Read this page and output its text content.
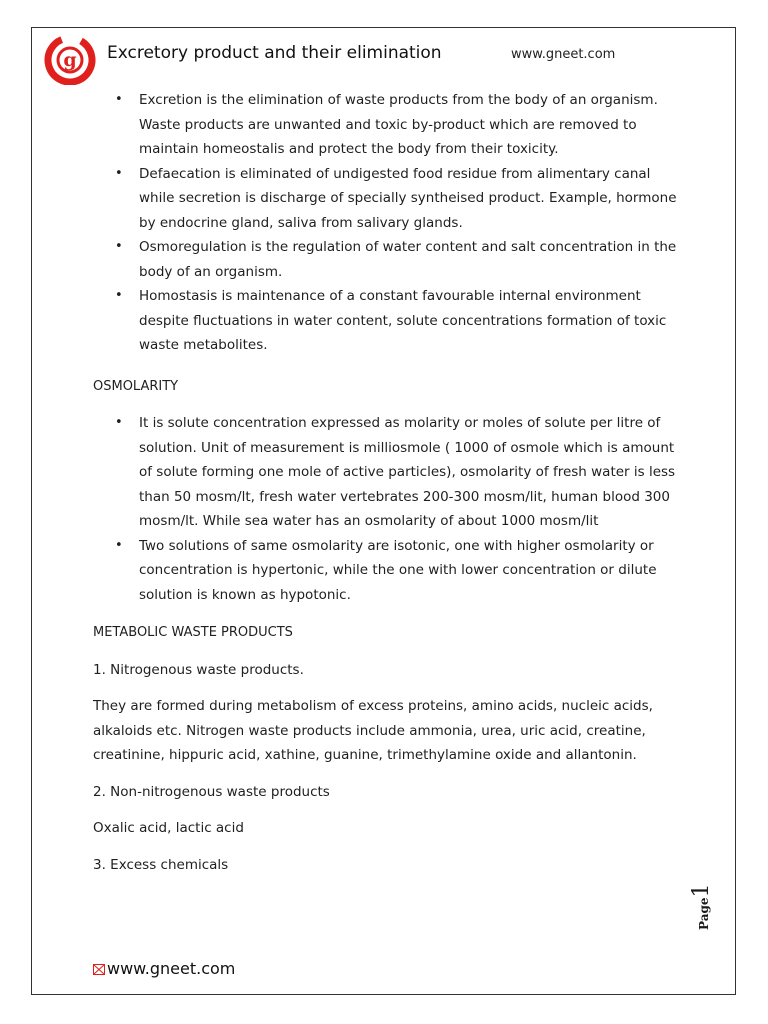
g Excretory product and their elimination	www.gneet.com
• Excretion is the elimination of waste products from the body of an organism. Waste products are unwanted and toxic by-product which are removed to maintain homeostalis and protect the body from their toxicity.
• Defaecation is eliminated of undigested food residue from alimentary canal while secretion is discharge of specially syntheised product. Example, hormone by endocrine gland, saliva from salivary glands.
• Osmoregulation is the regulation of water content and salt concentration in the body of an organism.
• Homostasis is maintenance of a constant favourable internal environment despite fluctuations in water content, solute concentrations formation of toxic waste metabolites.
OSMOLARITY
• It is solute concentration expressed as molarity or moles of solute per litre of solution. Unit of measurement is milliosmole ( 1000 of osmole which is amount of solute forming one mole of active particles), osmolarity of fresh water is less than 50 mosm/lt, fresh water vertebrates 200-300 mosm/lit, human blood 300 mosm/lt. While sea water has an osmolarity of about 1000 mosm/lit
• Two solutions of same osmolarity are isotonic, one with higher osmolarity or concentration is hypertonic, while the one with lower concentration or dilute solution is known as hypotonic.
METABOLIC WASTE PRODUCTS
1. Nitrogenous waste products.
They are formed during metabolism of excess proteins, amino acids, nucleic acids, alkaloids etc. Nitrogen waste products include ammonia, urea, uric acid, creatine, creatinine, hippuric acid, xathine, guanine, trimethylamine oxide and allantonin.
2. Non-nitrogenous waste products
Oxalic acid, lactic acid
3. Excess chemicals
Page1
www.gneet.com
